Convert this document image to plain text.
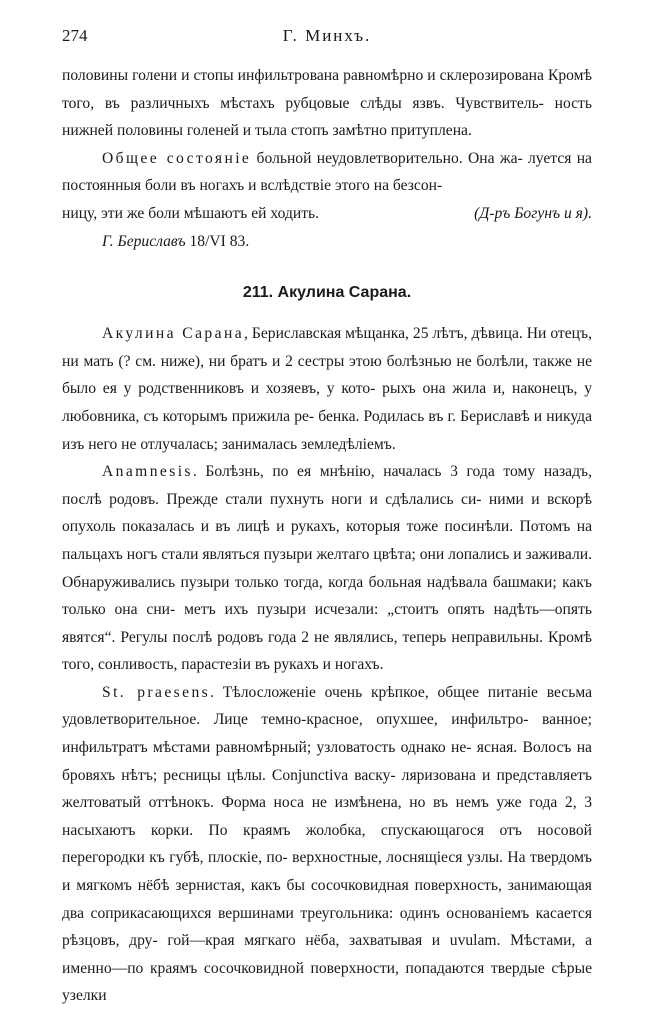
274	Г. Минхъ.

половины голени и стопы инфильтрована равномѣрно и склерозирована Кромѣ того, въ различныхъ мѣстахъ рубцовые слѣды язвъ. Чувствитель- ность нижней половины голеней и тыла стопъ замѣтно притуплена.

Общее состояніе больной неудовлетворительно. Она жа- луется на постоянныя боли въ ногахъ и вслѣдствіе этого на безсон-

ницу, эти же боли мѣшаютъ ей ходить.	(Д-ръ Богунъ и я).

Г. Бериславъ 18/VI 83.

211. Акулина Сарана.

Акулина Сарана, Бериславская мѣщанка, 25 лѣтъ, дѣвица. Ни отецъ, ни мать (? см. ниже), ни братъ и 2 сестры этою болѣзнью не болѣли, также не было ея у родственниковъ и хозяевъ, у кото- рыхъ она жила и, наконецъ, у любовника, съ которымъ прижила ре- бенка. Родилась въ г. Бериславѣ и никуда изъ него не отлучалась; занималась земледѣліемъ.

Anamnesis. Болѣзнь, по ея мнѣнію, началась 3 года тому назадъ, послѣ родовъ. Прежде стали пухнуть ноги и сдѣлались си- ними и вскорѣ опухоль показалась и въ лицѣ и рукахъ, которыя тоже посинѣли. Потомъ на пальцахъ ногъ стали являться пузыри желтаго цвѣта; они лопались и заживали. Обнаруживались пузыри только тогда, когда больная надѣвала башмаки; какъ только она сни- метъ ихъ пузыри исчезали: „стоитъ опять надѣть—опять явятся“. Регулы послѣ родовъ года 2 не являлись, теперь неправильны. Кромѣ того, сонливость, парастезіи въ рукахъ и ногахъ.

St. praesens. Тѣлосложеніе очень крѣпкое, общее питаніе весьма удовлетворительное. Лице темно-красное, опухшее, инфильтро- ванное; инфильтратъ мѣстами равномѣрный; узловатость однако не- ясная. Волосъ на бровяхъ нѣтъ; ресницы цѣлы. Conjunctiva васку- ляризована и представляетъ желтоватый оттѣнокъ. Форма носа не измѣнена, но въ немъ уже года 2, 3 насыхаютъ корки. По краямъ жолобка, спускающагося отъ носовой перегородки къ губѣ, плоскіе, по- верхностные, лоснящіеся узлы. На твердомъ и мягкомъ нёбѣ зернистая, какъ бы сосочковидная поверхность, занимающая два соприкасающихся вершинами треугольника: одинъ основаніемъ касается рѣзцовъ, дру- гой—края мягкаго нёба, захватывая и uvulam. Мѣстами, а именно—по краямъ сосочковидной поверхности, попадаются твердые сѣрые узелки
